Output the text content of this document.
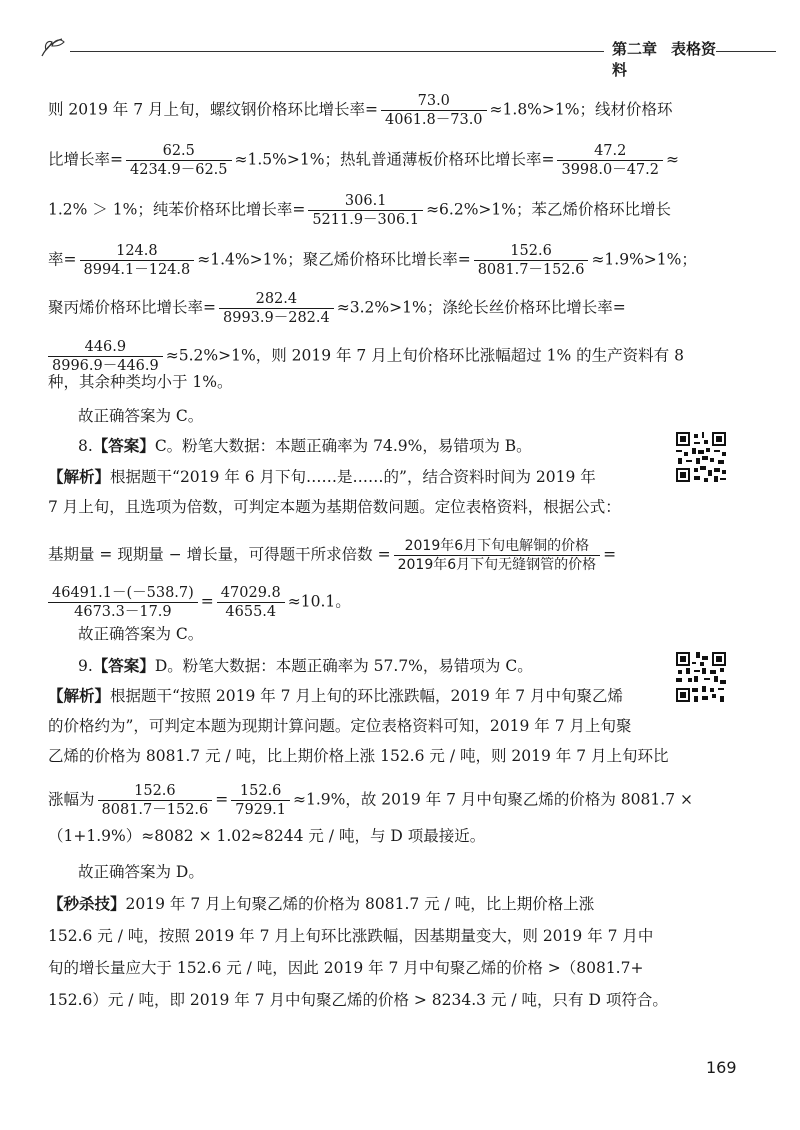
第二章 表格资料
则 2019 年 7 月上旬，螺纹钢价格环比增长率= $\frac{73.0}{4061.8-73.0} \approx 1.8\%>1\%$；线材价格环
比增长率= $\frac{62.5}{4234.9-62.5} \approx 1.5\%>1\%$；热轧普通薄板价格环比增长率= $\frac{47.2}{3998.0-47.2}$ ≈
1.2% ＞ 1%；纯苯价格环比增长率= $\frac{306.1}{5211.9-306.1} \approx 6.2\%>1\%$；苯乙烯价格环比增长
率= $\frac{124.8}{8994.1-124.8} \approx 1.4\%>1\%$；聚乙烯价格环比增长率= $\frac{152.6}{8081.7-152.6} \approx 1.9\%>1\%$；
聚丙烯价格环比增长率= $\frac{282.4}{8993.9-282.4} \approx 3.2\%>1\%$；涤纶长丝价格环比增长率=
$\frac{446.9}{8996.9-446.9} \approx 5.2\%>1\%$，则 2019 年 7 月上旬价格环比涨幅超过 1% 的生产资料有 8
种，其余种类均小于 1%。
故正确答案为 C。
8.【答案】C。粉笔大数据：本题正确率为 74.9%，易错项为 B。
【解析】根据题干“2019 年 6 月下旬……是……的”，结合资料时间为 2019 年
7 月上旬，且选项为倍数，可判定本题为基期倍数问题。定位表格资料，根据公式：
基期量 = 现期量 − 增长量，可得题干所求倍数 = $\frac{\text{2019年6月下旬电解铜的价格}}{\text{2019年6月下旬无缝钢管的价格}}$ =
$\frac{46491.1-(-538.7)}{4673.3-17.9} = \frac{47029.8}{4655.4} \approx 10.1$。
故正确答案为 C。
9.【答案】D。粉笔大数据：本题正确率为 57.7%，易错项为 C。
【解析】根据题干“按照 2019 年 7 月上旬的环比涨跌幅，2019 年 7 月中旬聚乙烯
的价格约为”，可判定本题为现期计算问题。定位表格资料可知，2019 年 7 月上旬聚
乙烯的价格为 8081.7 元 / 吨，比上期价格上涨 152.6 元 / 吨，则 2019 年 7 月上旬环比
涨幅为 $\frac{152.6}{8081.7-152.6} = \frac{152.6}{7929.1} \approx 1.9\%$，故 2019 年 7 月中旬聚乙烯的价格为 8081.7 ×
（1+1.9%）≈8082 × 1.02≈8244 元 / 吨，与 D 项最接近。
故正确答案为 D。
【秒杀技】2019 年 7 月上旬聚乙烯的价格为 8081.7 元 / 吨，比上期价格上涨
152.6 元 / 吨，按照 2019 年 7 月上旬环比涨跌幅，因基期量变大，则 2019 年 7 月中
旬的增长量应大于 152.6 元 / 吨，因此 2019 年 7 月中旬聚乙烯的价格 >（8081.7+
152.6）元 / 吨，即 2019 年 7 月中旬聚乙烯的价格 > 8234.3 元 / 吨，只有 D 项符合。
169
